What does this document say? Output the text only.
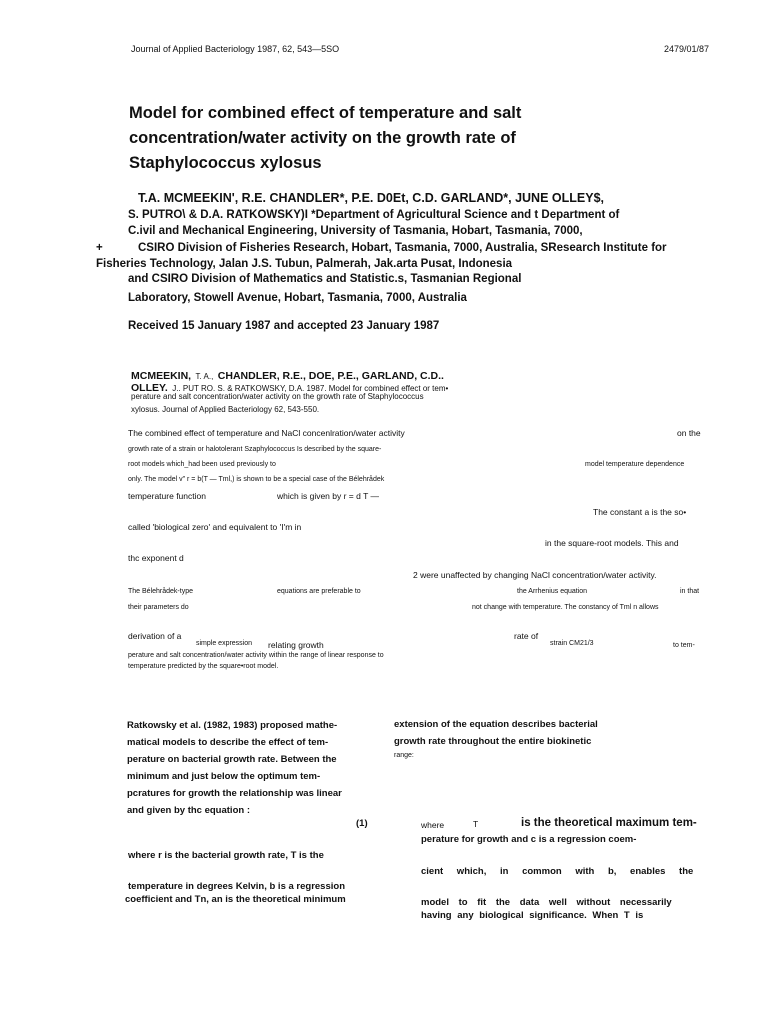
Journal of Applied Bacteriology 1987, 62, 543—5SO	2479/01/87
Model for combined effect of temperature and salt
concentration/water activity on the growth rate of
Staphylococcus xylosus
T.A. MCMEEKIN', R.E. CHANDLER*, P.E. D0Et, C.D. GARLAND*, JUNE OLLEY$,
S. PUTRO\ & D.A. RATKOWSKY)I *Department of Agricultural Science and t Department of
C.ivil and Mechanical Engineering, University of Tasmania, Hobart, Tasmania, 7000,
+	CSIRO Division of Fisheries Research, Hobart, Tasmania, 7000, Australia, SResearch Institute for
Fisheries Technology, Jalan J.S. Tubun, Palmerah, Jak.arta Pusat, Indonesia
and CSIRO Division of Mathematics and Statistic.s, Tasmanian Regional
Laboratory, Stowell Avenue, Hobart, Tasmania, 7000, Australia
Received 15 January 1987 and accepted 23 January 1987
MCMEEKIN, T. A., CHANDLER, R.E., DOE, P.E., GARLAND, C.D..
OLLEY. J.. PUT RO. S. & RATKOWSKY, D.A. 1987. Model for combined effect or tem•
perature and salt concentration/water activity on the growth rate of Staphylococcus
xylosus. Journal of Applied Bacteriology 62, 543-550.
The combined effect of temperature and NaCl concenlration/water activity	on the
growth rate of a strain or halotolerant Szaphylococcus Is described by the square-
root models which_had been used previously to	model temperature dependence
only. The model v" r = b(T — Tml,) is shown to be a special case of the Bélehrådek
temperature function	which is given by r = d T —
The constant a is the so•
called 'biological zero' and equivalent to 'I'm in
in the square-root models. This and
thc exponent d
2 were unaffected by changing NaCl concentration/water activity.
The Bélehrådek-type	equations are preferable to	the Arrhenius equation	in that
their parameters do	not change with temperature. The constancy of Tml n allows
derivation of a
simple expression relating growth
rate of
strain CM21/3	to tem-
perature and salt concentration/water activity within the range of linear response to
temperature predicted by the square•root model.
Ratkowsky et al. (1982, 1983) proposed mathe-
matical models to describe the effect of tem-
perature on bacterial growth rate. Between the
minimum and just below the optimum tem-
pcratures for growth the relationship was linear
and given by thc equation :
(1)
where r is the bacterial growth rate, T is the
temperature in degrees Kelvin, b is a regression
coefficient and Tn, an is the theoretical minimum
extension of the equation describes bacterial
growth rate throughout the entire biokinetic
range:
where	T	is the theoretical maximum tem-
perature for growth and c is a regression coem-
cient which, in common with b, enables the
model to fit the data well without necessarily
having any biological significance. When T is
